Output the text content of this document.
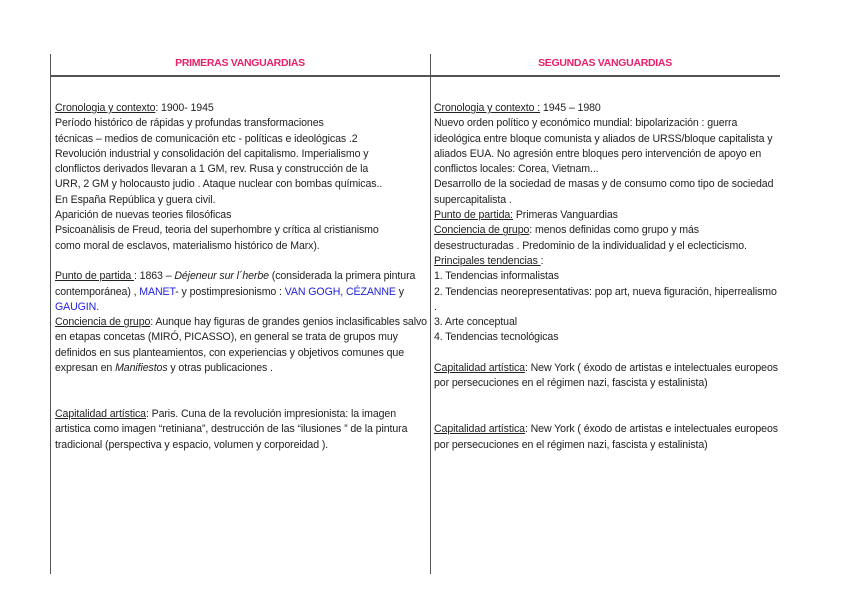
PRIMERAS VANGUARDIAS	SEGUNDAS VANGUARDIAS

Cronologia y contexto: 1900- 1945

Período histórico de rápidas y profundas transformaciones

técnicas – medios de comunicación etc - políticas e ideológicas .2

Revolución industrial y consolidación del capitalismo. Imperialismo y

clonflictos derivados llevaran a 1 GM, rev. Rusa y construcción de la

URR, 2 GM y holocausto judio . Ataque nuclear con bombas químicas..

En España República y guera civil.

Aparición de nuevas teories filosóficas

Psicoanàlisis de Freud, teoria del superhombre y crítica al cristianismo

como moral de esclavos, materialismo histórico de Marx).

Punto de partida : 1863 – Déjeneur sur l´herbe (considerada la primera pintura contemporánea) , MANET- y postimpresionismo : VAN GOGH, CÉZANNE y GAUGIN.

Conciencia de grupo: Aunque hay figuras de grandes genios inclasificables salvo en etapas concetas (MIRÓ, PICASSO), en general se trata de grupos muy definidos en sus planteamientos, con experiencias y objetivos comunes que expresan en Manifiestos y otras publicaciones .

Capitalidad artística: Paris. Cuna de la revolución impresionista: la imagen artistica como imagen “retiniana”, destrucción de las “ilusiones ” de la pintura tradicional (perspectiva y espacio, volumen y corporeidad ).

Cronologia y contexto : 1945 – 1980

Nuevo orden político y económico mundial: bipolarización : guerra ideológica entre bloque comunista y aliados de URSS/bloque capitalista y aliados EUA. No agresión entre bloques pero intervención de apoyo en conflictos locales: Corea, Vietnam...

Desarrollo de la sociedad de masas y de consumo como tipo de sociedad supercapitalista .

Punto de partida: Primeras Vanguardias

Conciencia de grupo: menos definidas como grupo y más desestructuradas . Predominio de la individualidad y el eclecticismo.

Principales tendencias :

1. Tendencias informalistas

2. Tendencias neorepresentativas: pop art, nueva figuración, hiperrealismo .

3. Arte conceptual

4. Tendencias tecnológicas

Capitalidad artística: New York ( éxodo de artistas e intelectuales europeos por persecuciones en el régimen nazi, fascista y estalinista)

Capitalidad artística: New York ( éxodo de artistas e intelectuales europeos por persecuciones en el régimen nazi, fascista y estalinista)
